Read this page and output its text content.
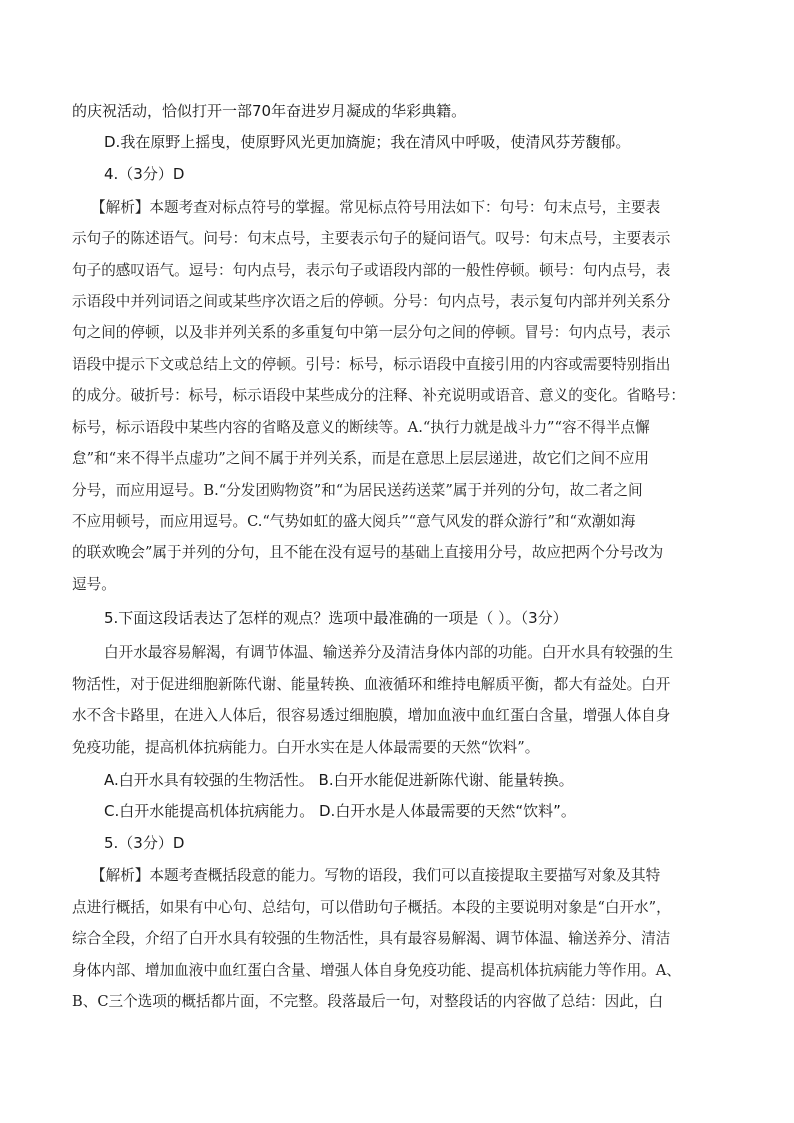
的庆祝活动，恰似打开一部70年奋进岁月凝成的华彩典籍。
D.我在原野上摇曳，使原野风光更加旖旎；我在清风中呼吸，使清风芬芳馥郁。
4.（3分）D
【解析】本题考查对标点符号的掌握。常见标点符号用法如下：句号：句末点号，主要表
示句子的陈述语气。问号：句末点号，主要表示句子的疑问语气。叹号：句末点号，主要表示
句子的感叹语气。逗号：句内点号，表示句子或语段内部的一般性停顿。顿号：句内点号，表
示语段中并列词语之间或某些序次语之后的停顿。分号：句内点号，表示复句内部并列关系分
句之间的停顿，以及非并列关系的多重复句中第一层分句之间的停顿。冒号：句内点号，表示
语段中提示下文或总结上文的停顿。引号：标号，标示语段中直接引用的内容或需要特别指出
的成分。破折号：标号，标示语段中某些成分的注释、补充说明或语音、意义的变化。省略号：
标号，标示语段中某些内容的省略及意义的断续等。A.“执行力就是战斗力”“容不得半点懈
怠”和“来不得半点虚功”之间不属于并列关系，而是在意思上层层递进，故它们之间不应用
分号，而应用逗号。B.“分发团购物资”和“为居民送药送菜”属于并列的分句，故二者之间
不应用顿号，而应用逗号。C.“气势如虹的盛大阅兵”“意气风发的群众游行”和“欢潮如海
的联欢晚会”属于并列的分句，且不能在没有逗号的基础上直接用分号，故应把两个分号改为
逗号。
5.下面这段话表达了怎样的观点？选项中最准确的一项是（ ）。（3分）
白开水最容易解渴，有调节体温、输送养分及清洁身体内部的功能。白开水具有较强的生
物活性，对于促进细胞新陈代谢、能量转换、血液循环和维持电解质平衡，都大有益处。白开
水不含卡路里，在进入人体后，很容易透过细胞膜，增加血液中血红蛋白含量，增强人体自身
免疫功能，提高机体抗病能力。白开水实在是人体最需要的天然“饮料”。
A.白开水具有较强的生物活性。 B.白开水能促进新陈代谢、能量转换。
C.白开水能提高机体抗病能力。 D.白开水是人体最需要的天然“饮料”。
5.（3分）D
【解析】本题考查概括段意的能力。写物的语段，我们可以直接提取主要描写对象及其特
点进行概括，如果有中心句、总结句，可以借助句子概括。本段的主要说明对象是“白开水”，
综合全段，介绍了白开水具有较强的生物活性，具有最容易解渴、调节体温、输送养分、清洁
身体内部、增加血液中血红蛋白含量、增强人体自身免疫功能、提高机体抗病能力等作用。A、
B、C三个选项的概括都片面，不完整。段落最后一句，对整段话的内容做了总结：因此，白
